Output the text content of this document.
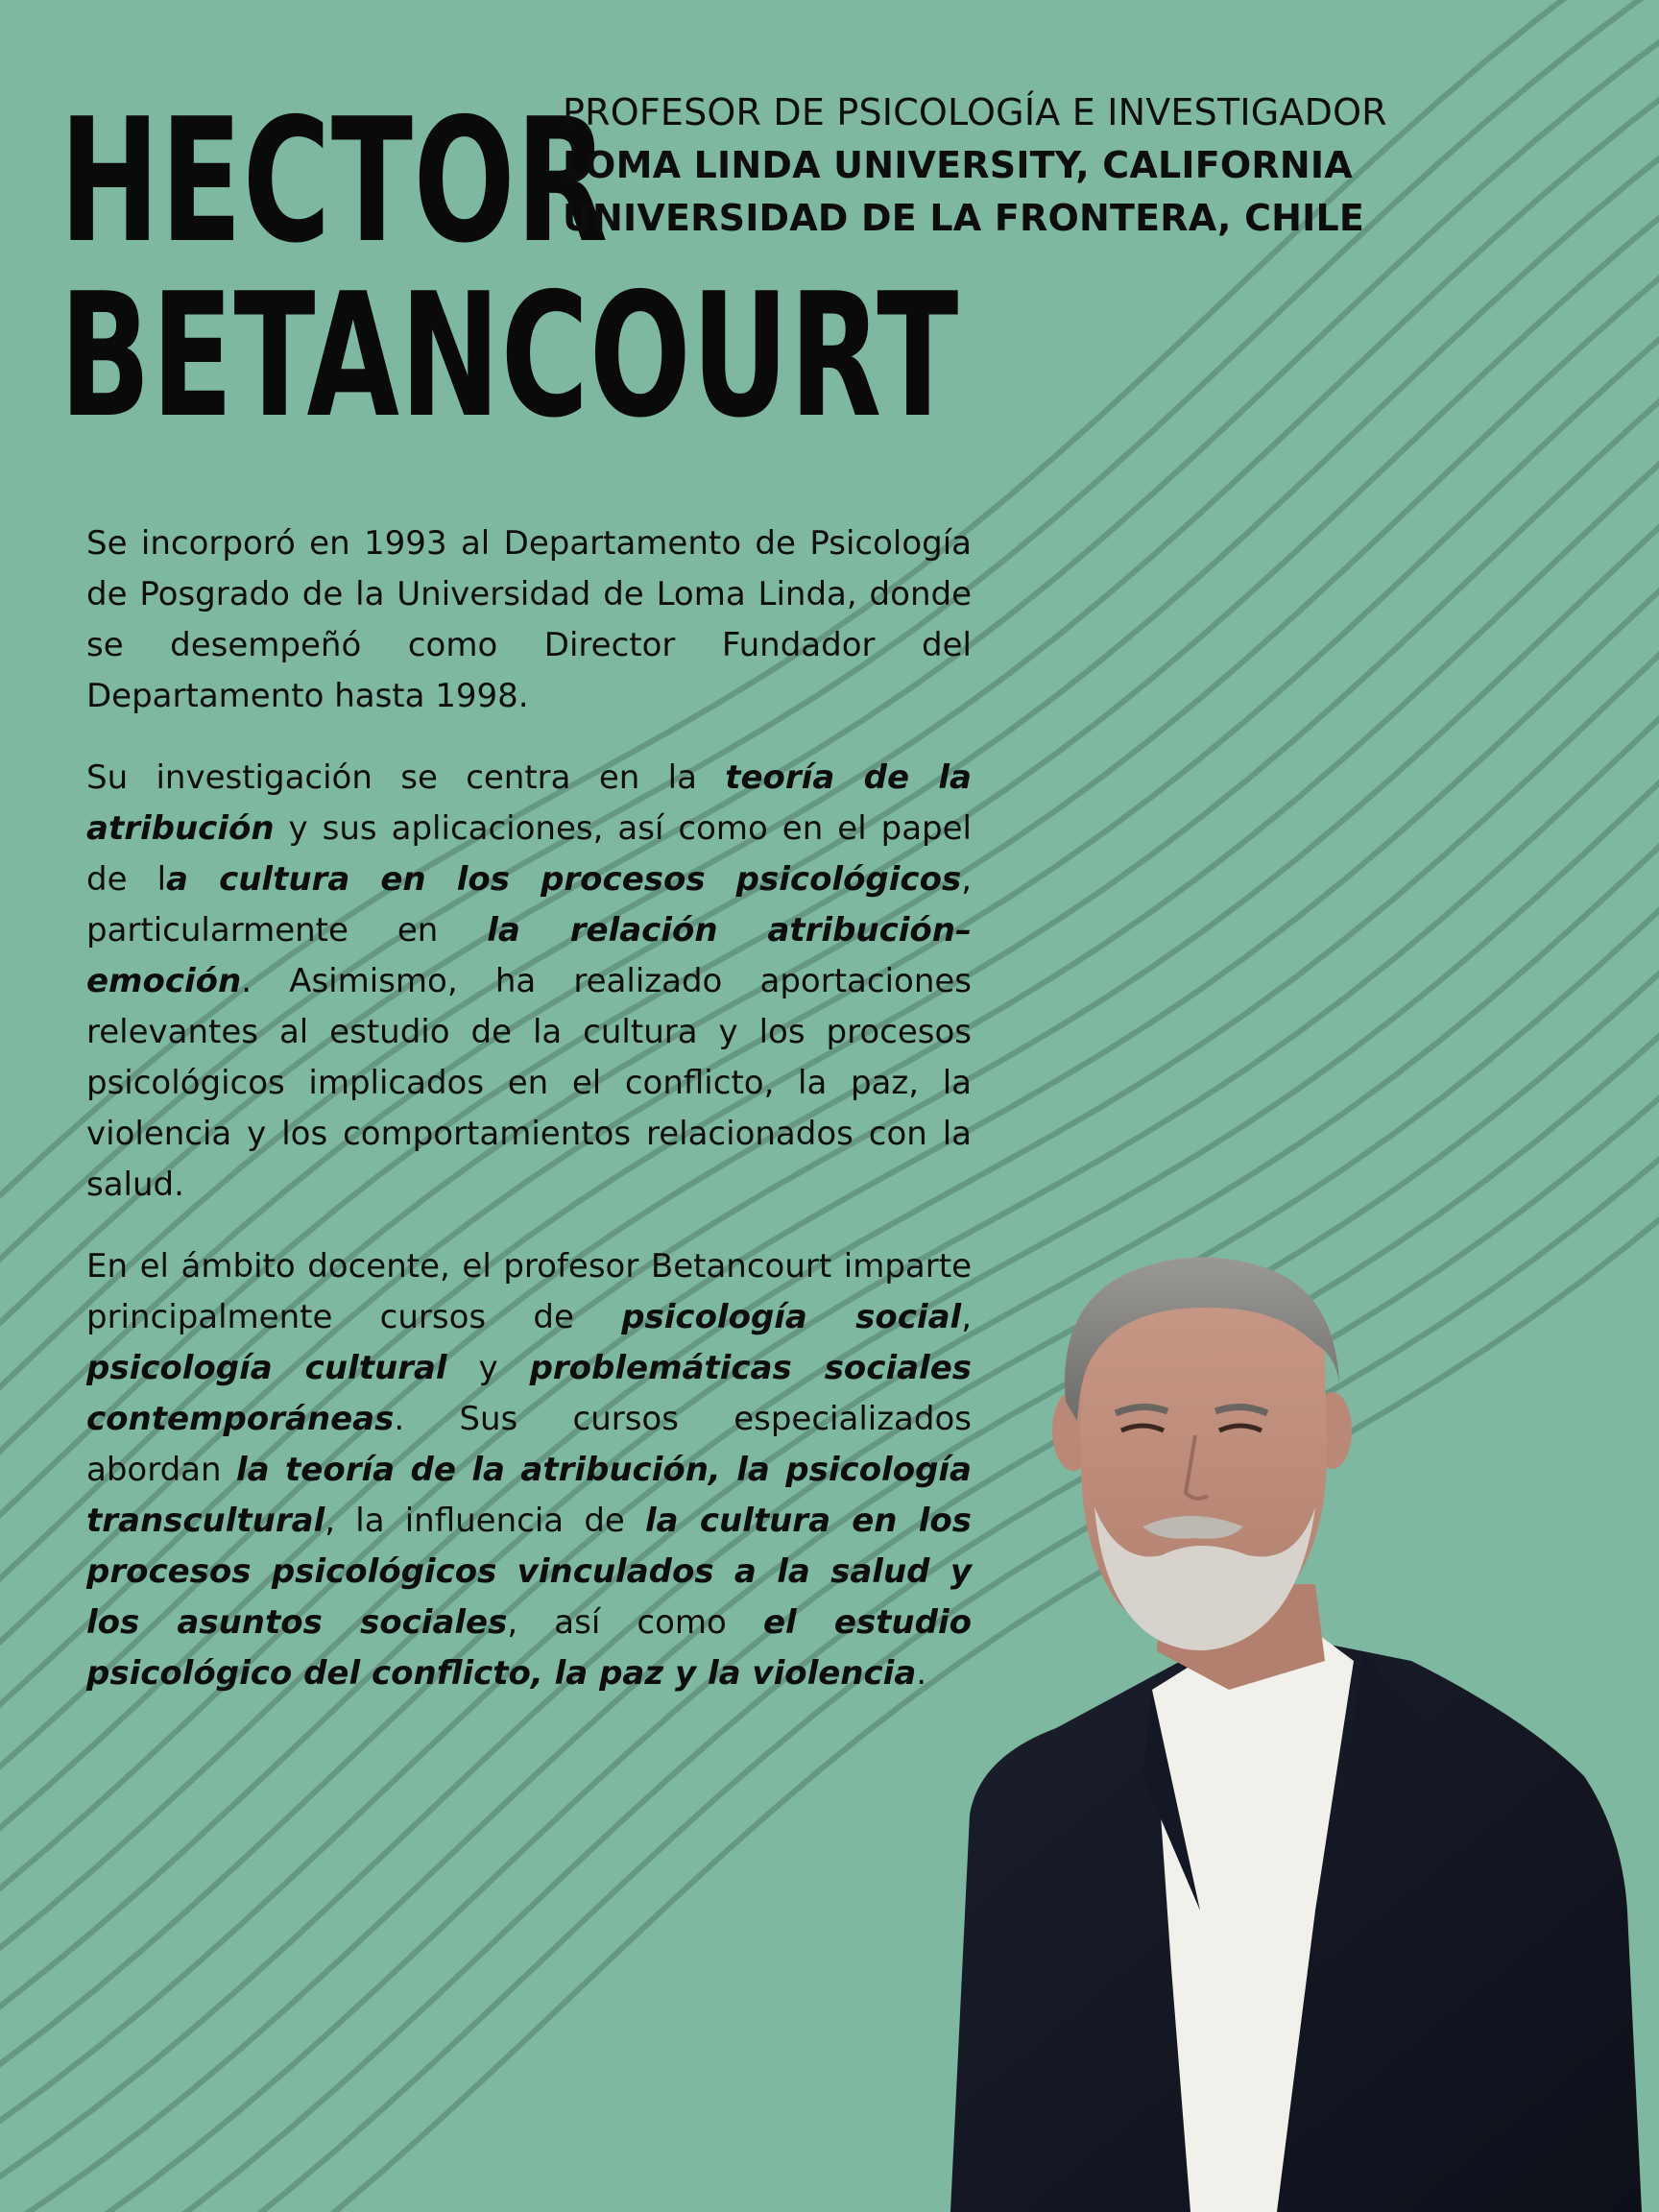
HECTOR
BETANCOURT
PROFESOR DE PSICOLOGÍA E INVESTIGADOR
LOMA LINDA UNIVERSITY, CALIFORNIA
UNIVERSIDAD DE LA FRONTERA, CHILE

Se incorporó en 1993 al Departamento de Psicología de Posgrado de la Universidad de Loma Linda, donde se desempeñó como Director Fundador del Departamento hasta 1998.

Su investigación se centra en la teoría de la atribución y sus aplicaciones, así como en el papel de la cultura en los procesos psicológicos, particularmente en la relación atribución–emoción. Asimismo, ha realizado aportaciones relevantes al estudio de la cultura y los procesos psicológicos implicados en el conflicto, la paz, la violencia y los comportamientos relacionados con la salud.

En el ámbito docente, el profesor Betancourt imparte principalmente cursos de psicología social, psicología cultural y problemáticas sociales contemporáneas. Sus cursos especializados abordan la teoría de la atribución, la psicología transcultural, la influencia de la cultura en los procesos psicológicos vinculados a la salud y los asuntos sociales, así como el estudio psicológico del conflicto, la paz y la violencia.
